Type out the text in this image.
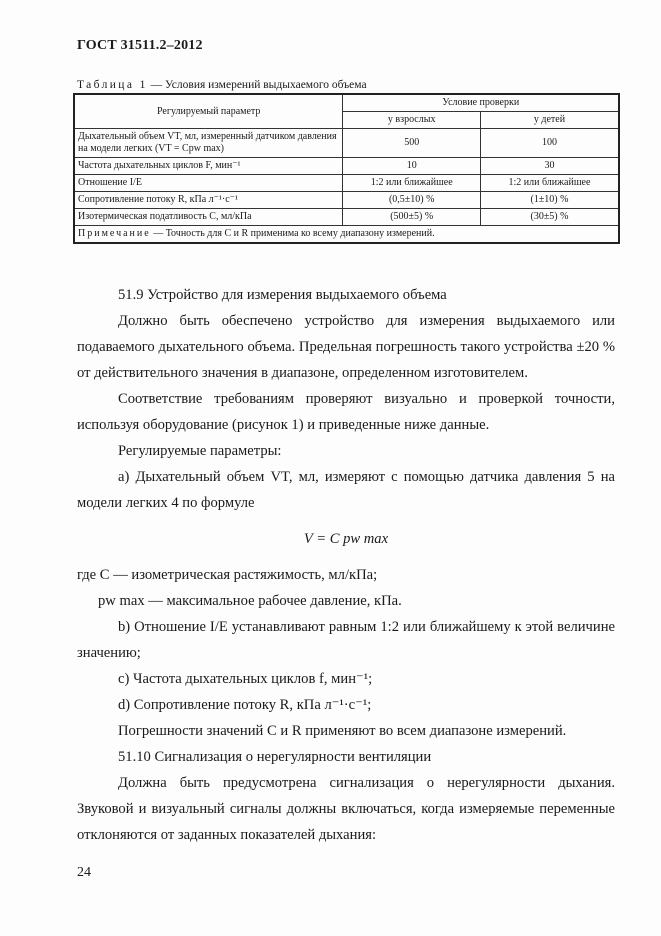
ГОСТ 31511.2–2012
Таблица 1 — Условия измерений выдыхаемого объема
Регулируемый параметр	Условие проверки	
	у взрослых	у детей
Дыхательный объем VT, мл, измеренный датчиком давления на модели легких (VT = Cpw max)	500	100
Частота дыхательных циклов F, мин⁻¹	10	30
Отношение I/E	1:2 или ближайшее	1:2 или ближайшее
Сопротивление потоку R, кПа л⁻¹·с⁻¹	(0,5±10) %	(1±10) %
Изотермическая податливость C, мл/кПа	(500±5) %	(30±5) %
Примечание — Точность для C и R применима ко всему диапазону измерений.		

51.9 Устройство для измерения выдыхаемого объема

Должно быть обеспечено устройство для измерения выдыхаемого или подаваемого дыхательного объема. Предельная погрешность такого устройства ±20 % от действительного значения в диапазоне, определенном изготовителем.

Соответствие требованиям проверяют визуально и проверкой точности, используя оборудование (рисунок 1) и приведенные ниже данные.

Регулируемые параметры:

a) Дыхательный объем VT, мл, измеряют с помощью датчика давления 5 на модели легких 4 по формуле

V = C pw max

где C — изометрическая растяжимость, мл/кПа;

pw max — максимальное рабочее давление, кПа.

b) Отношение I/E устанавливают равным 1:2 или ближайшему к этой величине значению;

c) Частота дыхательных циклов f, мин⁻¹;

d) Сопротивление потоку R, кПа л⁻¹·с⁻¹;

Погрешности значений C и R применяют во всем диапазоне измерений.

51.10 Сигнализация о нерегулярности вентиляции

Должна быть предусмотрена сигнализация о нерегулярности дыхания. Звуковой и визуальный сигналы должны включаться, когда измеряемые переменные отклоняются от заданных показателей дыхания:

24
